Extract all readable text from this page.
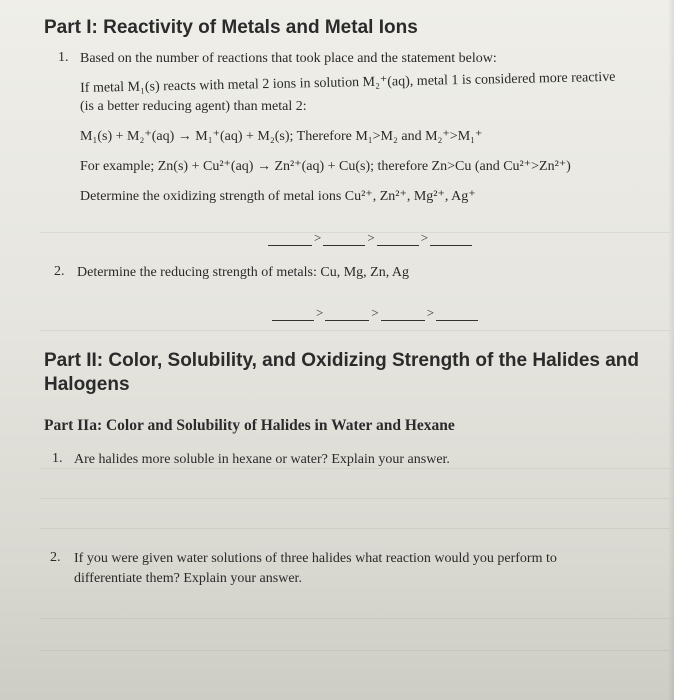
Part I: Reactivity of Metals and Metal Ions
1. Based on the number of reactions that took place and the statement below:

If metal M₁(s) reacts with metal 2 ions in solution M₂⁺(aq), metal 1 is considered more reactive

(is a better reducing agent) than metal 2:

M₁(s) + M₂⁺(aq) → M₁⁺(aq) + M₂(s); Therefore M₁>M₂ and M₂⁺>M₁⁺

For example; Zn(s) + Cu²⁺(aq) → Zn²⁺(aq) + Cu(s); therefore Zn>Cu (and Cu²⁺>Zn²⁺)

Determine the oxidizing strength of metal ions Cu²⁺, Zn²⁺, Mg²⁺, Ag⁺

>	>	>
2. Determine the reducing strength of metals: Cu, Mg, Zn, Ag

>	>	>
Part II: Color, Solubility, and Oxidizing Strength of the Halides and
Halogens
Part IIa: Color and Solubility of Halides in Water and Hexane
1. Are halides more soluble in hexane or water? Explain your answer.

2. If you were given water solutions of three halides what reaction would you perform to

differentiate them? Explain your answer.
